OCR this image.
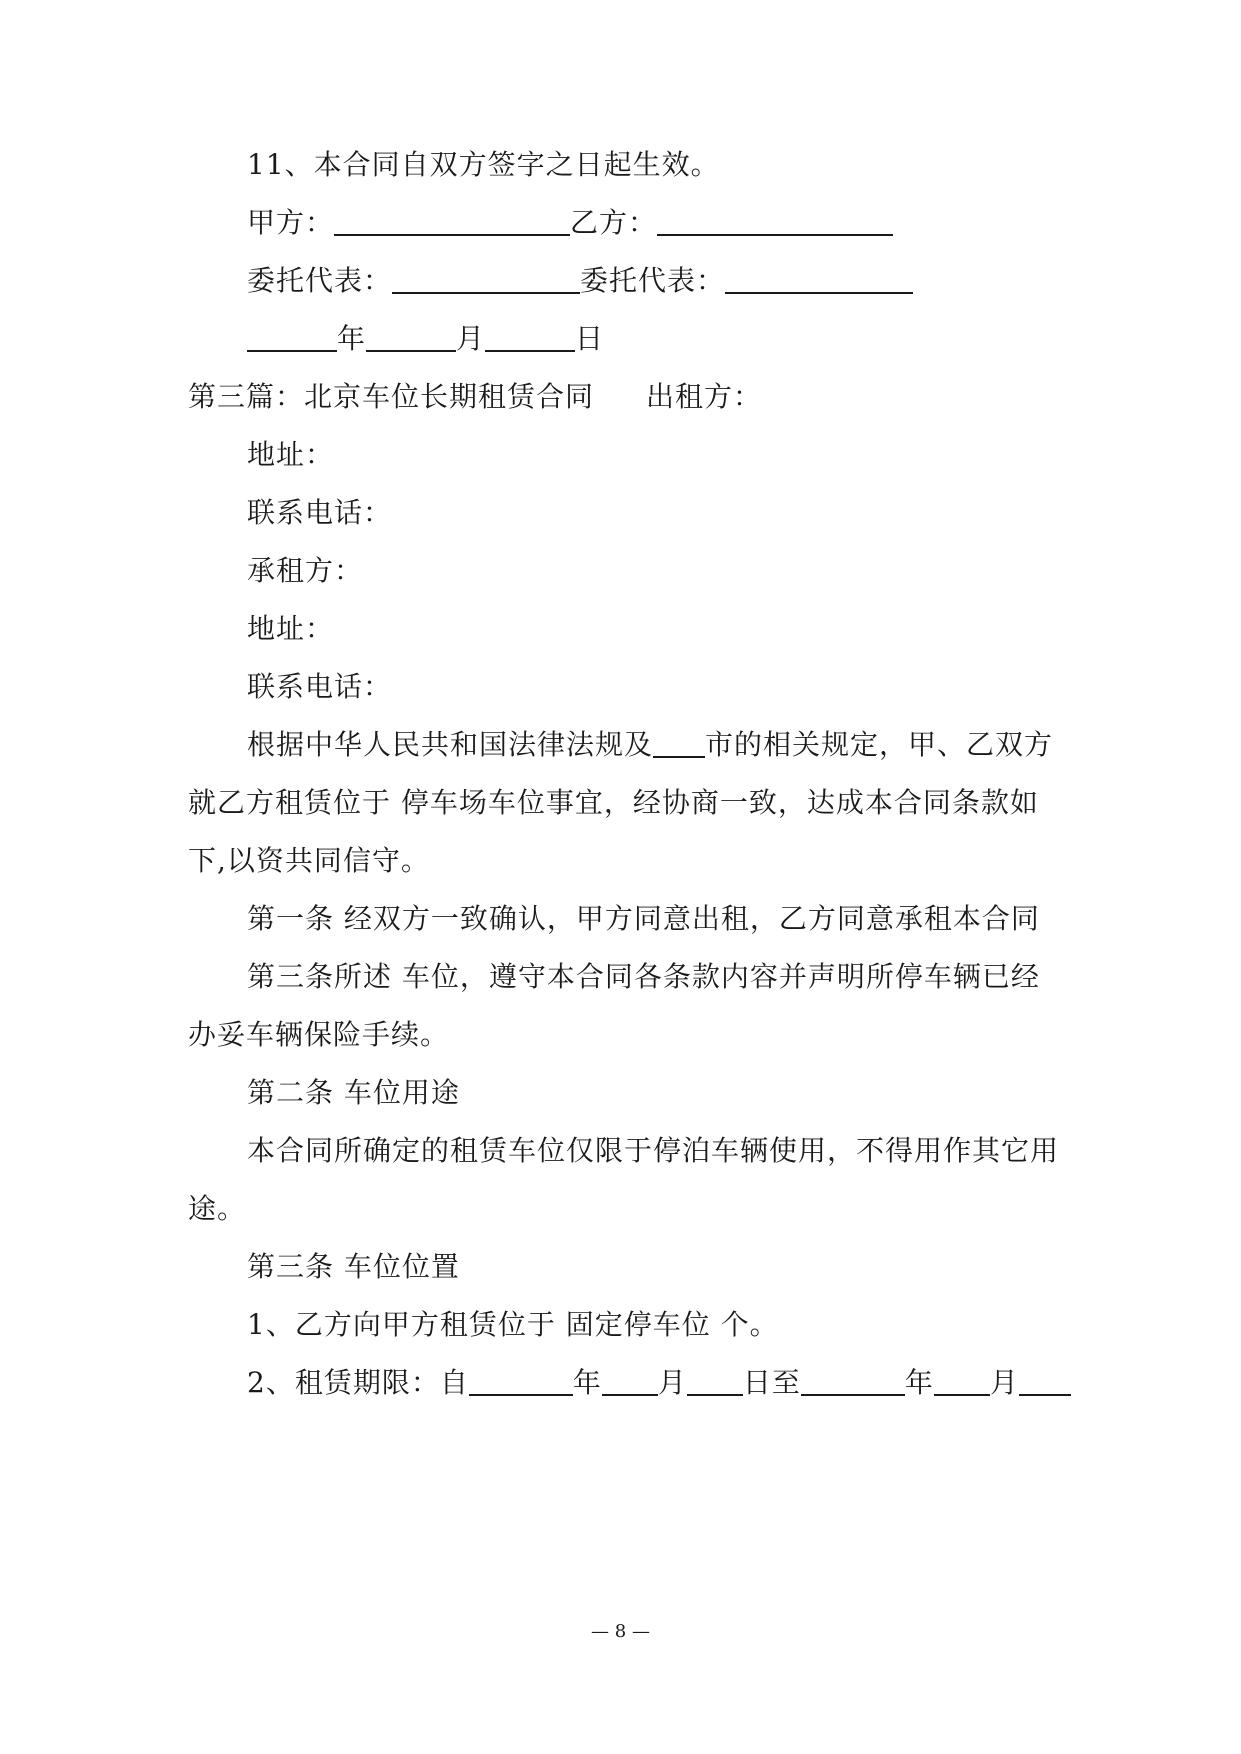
11、本合同自双方签字之日起生效。
甲方：	乙方：
委托代表：	委托代表：
年	月	日
第三篇：北京车位长期租赁合同 出租方：
地址：
联系电话：
承租方：
地址：
联系电话：
根据中华人民共和国法律法规及 市的相关规定，甲、乙双方
就乙方租赁位于 停车场车位事宜，经协商一致，达成本合同条款如
下,以资共同信守。
第一条 经双方一致确认，甲方同意出租，乙方同意承租本合同
第三条所述 车位，遵守本合同各条款内容并声明所停车辆已经
办妥车辆保险手续。
第二条 车位用途
本合同所确定的租赁车位仅限于停泊车辆使用，不得用作其它用
途。
第三条 车位位置
1、乙方向甲方租赁位于 固定停车位 个。
2、租赁期限：自	年 月 日至	年 月
— 8 —
